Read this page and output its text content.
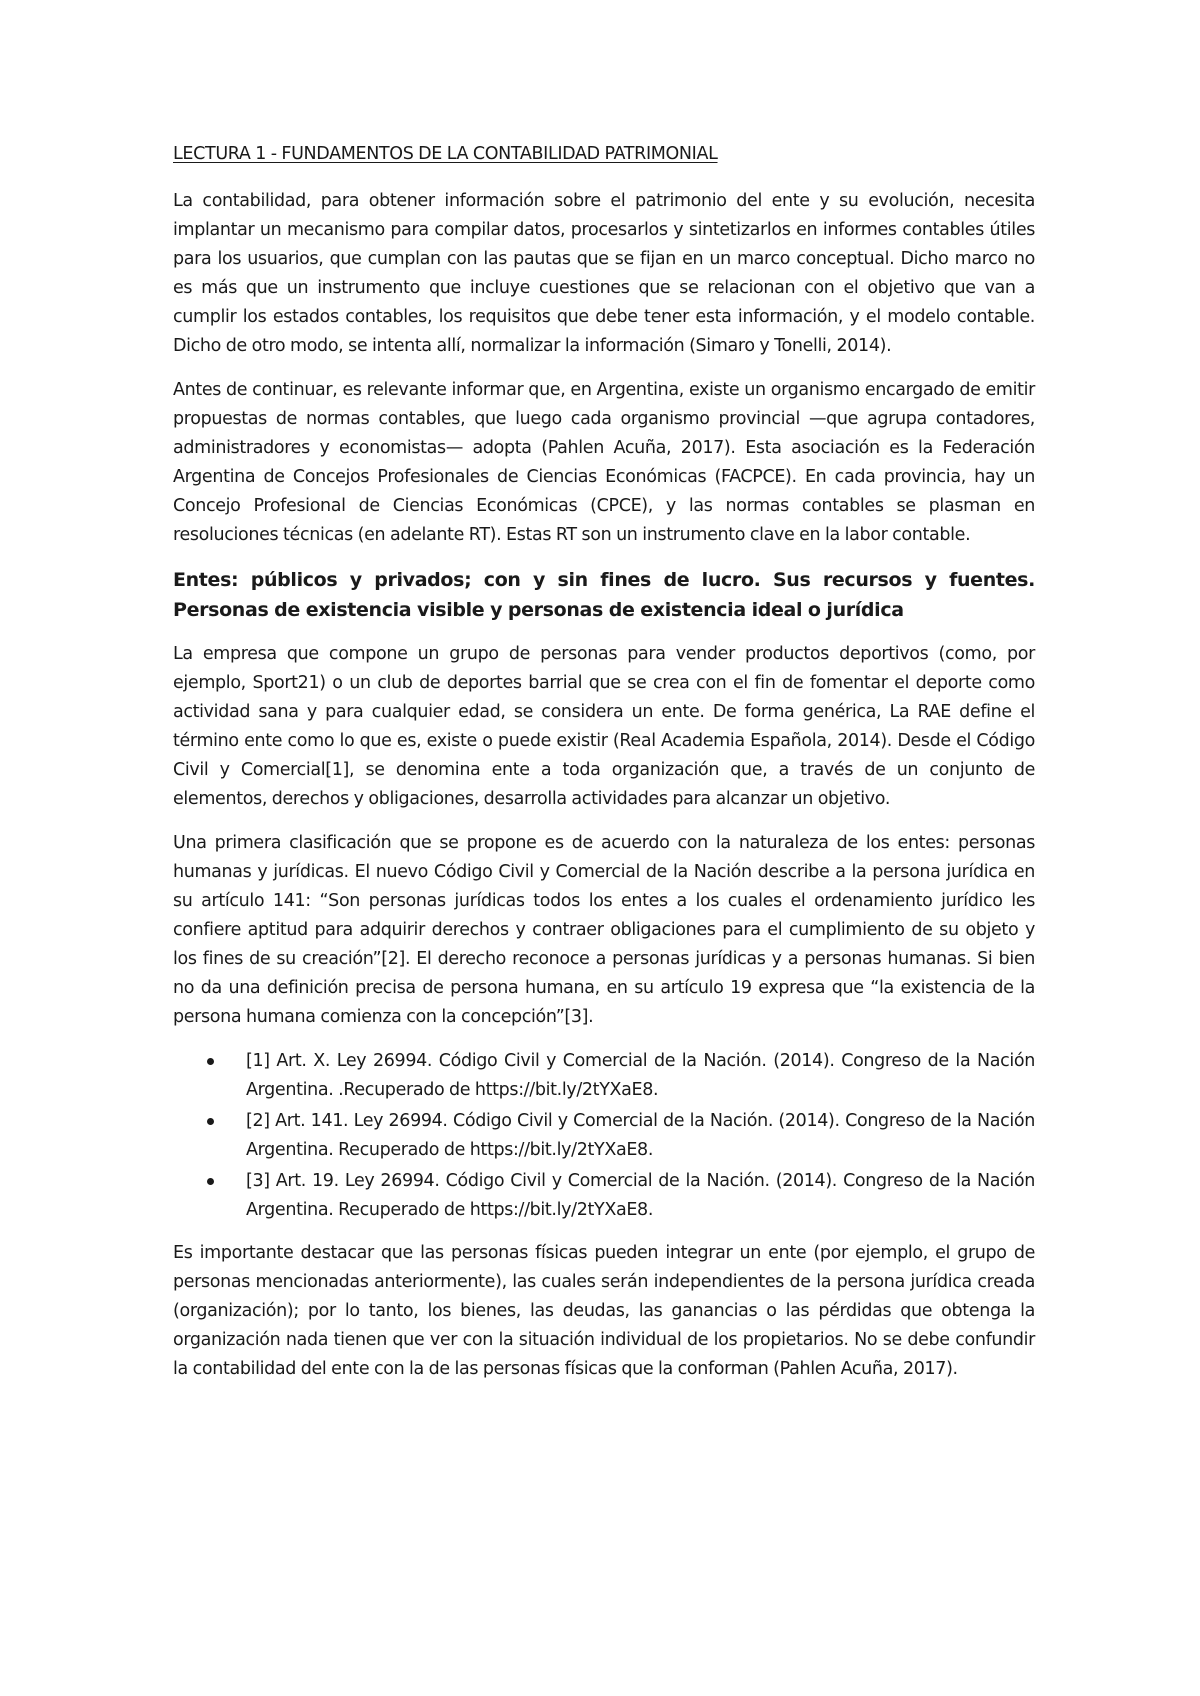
LECTURA 1 - FUNDAMENTOS DE LA CONTABILIDAD PATRIMONIAL

La contabilidad, para obtener información sobre el patrimonio del ente y su evolución, necesita implantar un mecanismo para compilar datos, procesarlos y sintetizarlos en informes contables útiles para los usuarios, que cumplan con las pautas que se fijan en un marco conceptual. Dicho marco no es más que un instrumento que incluye cuestiones que se relacionan con el objetivo que van a cumplir los estados contables, los requisitos que debe tener esta información, y el modelo contable. Dicho de otro modo, se intenta allí, normalizar la información (Simaro y Tonelli, 2014).

Antes de continuar, es relevante informar que, en Argentina, existe un organismo encargado de emitir propuestas de normas contables, que luego cada organismo provincial —que agrupa contadores, administradores y economistas— adopta (Pahlen Acuña, 2017). Esta asociación es la Federación Argentina de Concejos Profesionales de Ciencias Económicas (FACPCE). En cada provincia, hay un Concejo Profesional de Ciencias Económicas (CPCE), y las normas contables se plasman en resoluciones técnicas (en adelante RT). Estas RT son un instrumento clave en la labor contable.

Entes: públicos y privados; con y sin fines de lucro. Sus recursos y fuentes. Personas de existencia visible y personas de existencia ideal o jurídica

La empresa que compone un grupo de personas para vender productos deportivos (como, por ejemplo, Sport21) o un club de deportes barrial que se crea con el fin de fomentar el deporte como actividad sana y para cualquier edad, se considera un ente. De forma genérica, La RAE define el término ente como lo que es, existe o puede existir (Real Academia Española, 2014). Desde el Código Civil y Comercial[1], se denomina ente a toda organización que, a través de un conjunto de elementos, derechos y obligaciones, desarrolla actividades para alcanzar un objetivo.

Una primera clasificación que se propone es de acuerdo con la naturaleza de los entes: personas humanas y jurídicas. El nuevo Código Civil y Comercial de la Nación describe a la persona jurídica en su artículo 141: “Son personas jurídicas todos los entes a los cuales el ordenamiento jurídico les confiere aptitud para adquirir derechos y contraer obligaciones para el cumplimiento de su objeto y los fines de su creación”[2]. El derecho reconoce a personas jurídicas y a personas humanas. Si bien no da una definición precisa de persona humana, en su artículo 19 expresa que “la existencia de la persona humana comienza con la concepción”[3].

[1] Art. X. Ley 26994. Código Civil y Comercial de la Nación. (2014). Congreso de la Nación Argentina. .Recuperado de https://bit.ly/2tYXaE8.
[2] Art. 141. Ley 26994. Código Civil y Comercial de la Nación. (2014). Congreso de la Nación Argentina. Recuperado de https://bit.ly/2tYXaE8.
[3] Art. 19. Ley 26994. Código Civil y Comercial de la Nación. (2014). Congreso de la Nación Argentina. Recuperado de https://bit.ly/2tYXaE8.

Es importante destacar que las personas físicas pueden integrar un ente (por ejemplo, el grupo de personas mencionadas anteriormente), las cuales serán independientes de la persona jurídica creada (organización); por lo tanto, los bienes, las deudas, las ganancias o las pérdidas que obtenga la organización nada tienen que ver con la situación individual de los propietarios. No se debe confundir la contabilidad del ente con la de las personas físicas que la conforman (Pahlen Acuña, 2017).
